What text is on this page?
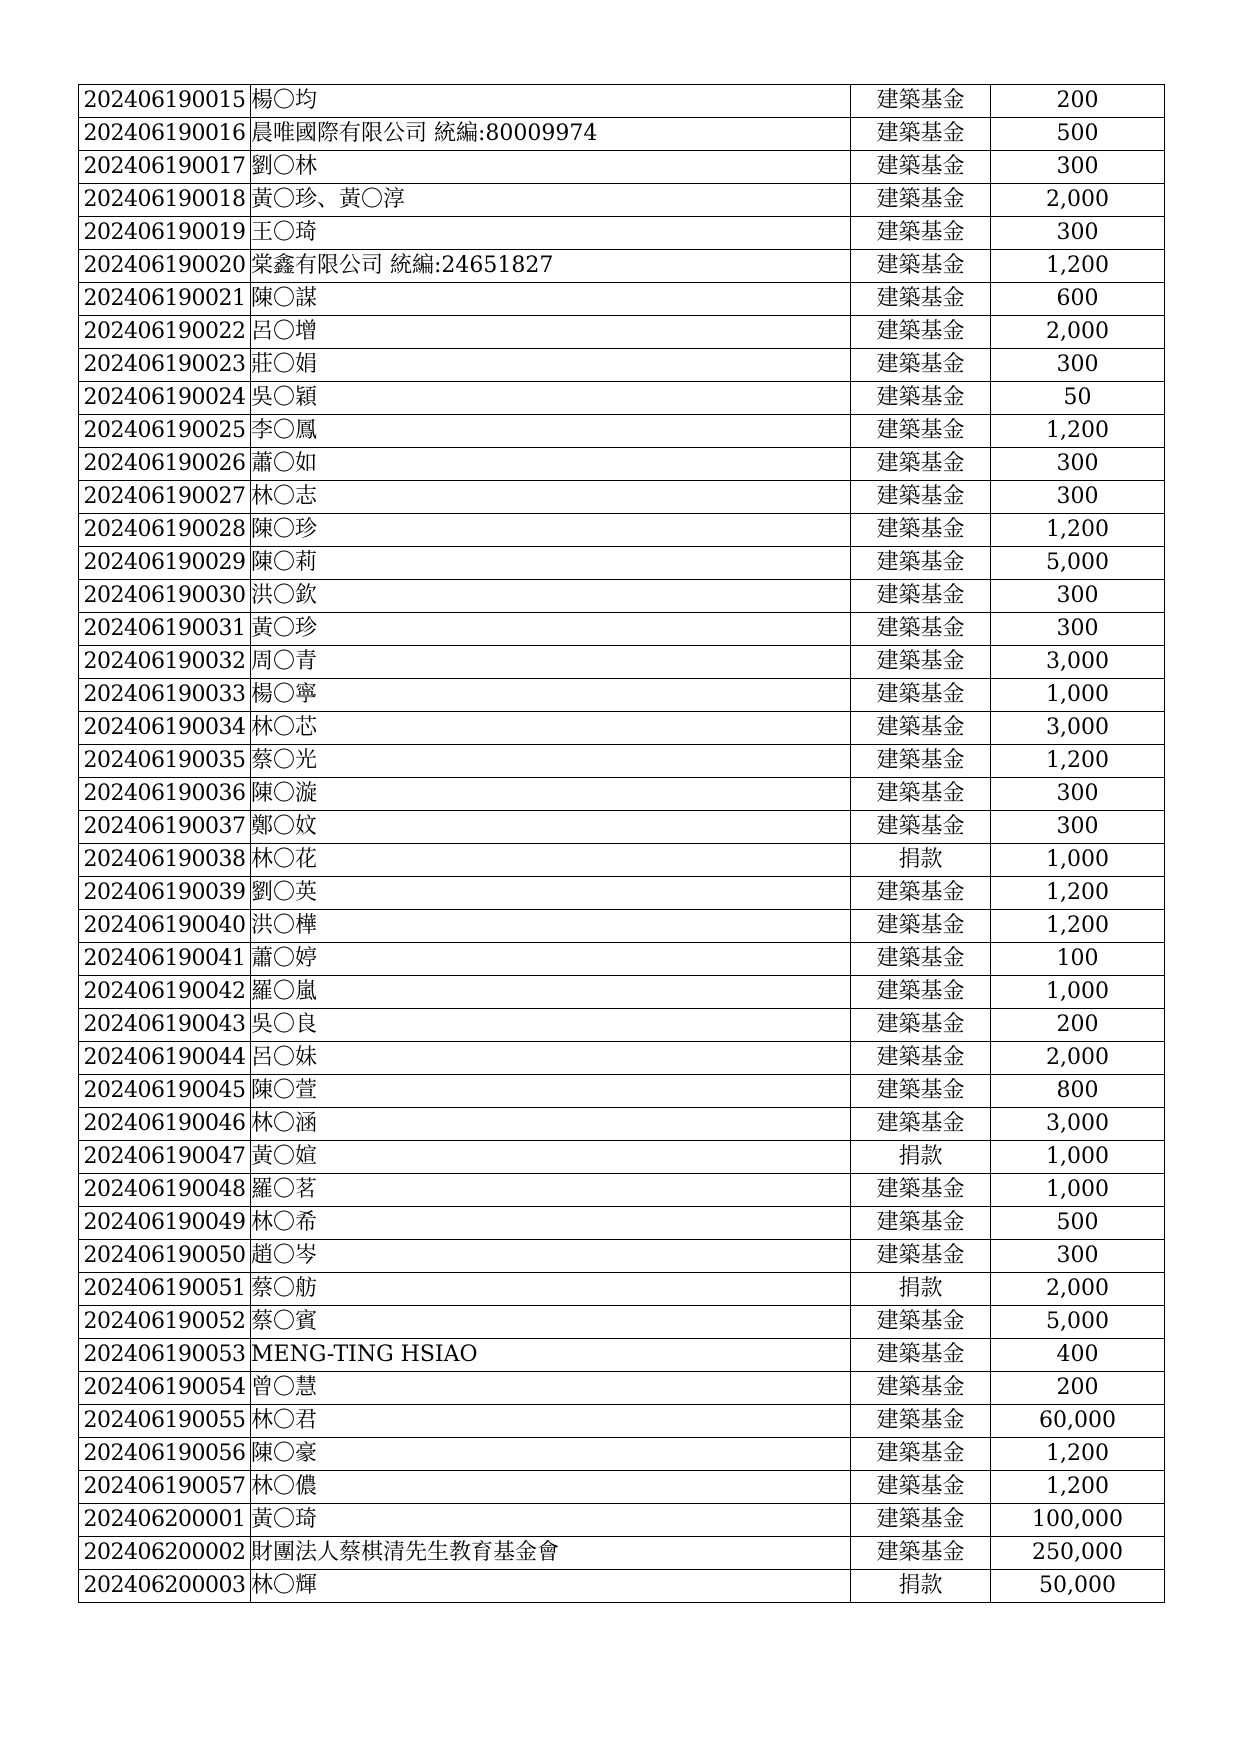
202406190015	楊〇均	建築基金	200
202406190016	晨唯國際有限公司 統編:80009974	建築基金	500
202406190017	劉〇林	建築基金	300
202406190018	黃〇珍、黃〇淳	建築基金	2,000
202406190019	王〇琦	建築基金	300
202406190020	棠鑫有限公司 統編:24651827	建築基金	1,200
202406190021	陳〇謀	建築基金	600
202406190022	呂〇增	建築基金	2,000
202406190023	莊〇娟	建築基金	300
202406190024	吳〇穎	建築基金	50
202406190025	李〇鳳	建築基金	1,200
202406190026	蕭〇如	建築基金	300
202406190027	林〇志	建築基金	300
202406190028	陳〇珍	建築基金	1,200
202406190029	陳〇莉	建築基金	5,000
202406190030	洪〇欽	建築基金	300
202406190031	黃〇珍	建築基金	300
202406190032	周〇青	建築基金	3,000
202406190033	楊〇寧	建築基金	1,000
202406190034	林〇芯	建築基金	3,000
202406190035	蔡〇光	建築基金	1,200
202406190036	陳〇漩	建築基金	300
202406190037	鄭〇妏	建築基金	300
202406190038	林〇花	捐款	1,000
202406190039	劉〇英	建築基金	1,200
202406190040	洪〇樺	建築基金	1,200
202406190041	蕭〇婷	建築基金	100
202406190042	羅〇嵐	建築基金	1,000
202406190043	吳〇良	建築基金	200
202406190044	呂〇妹	建築基金	2,000
202406190045	陳〇萱	建築基金	800
202406190046	林〇涵	建築基金	3,000
202406190047	黃〇媗	捐款	1,000
202406190048	羅〇茗	建築基金	1,000
202406190049	林〇希	建築基金	500
202406190050	趙〇岑	建築基金	300
202406190051	蔡〇舫	捐款	2,000
202406190052	蔡〇賓	建築基金	5,000
202406190053	MENG-TING HSIAO	建築基金	400
202406190054	曾〇慧	建築基金	200
202406190055	林〇君	建築基金	60,000
202406190056	陳〇豪	建築基金	1,200
202406190057	林〇儂	建築基金	1,200
202406200001	黃〇琦	建築基金	100,000
202406200002	財團法人蔡棋清先生教育基金會	建築基金	250,000
202406200003	林〇輝	捐款	50,000
